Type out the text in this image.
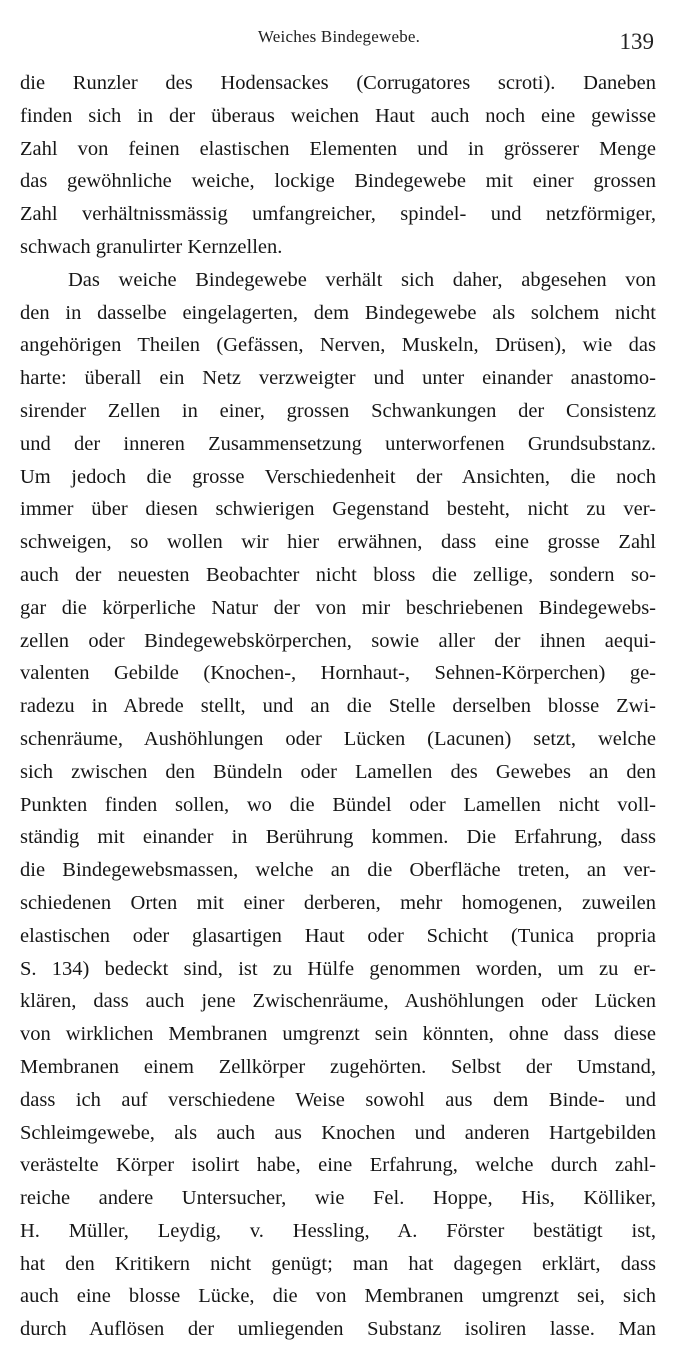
Weiches Bindegewebe.	139
die Runzler des Hodensackes (Corrugatores scroti). Daneben
finden sich in der überaus weichen Haut auch noch eine gewisse
Zahl von feinen elastischen Elementen und in grösserer Menge
das gewöhnliche weiche, lockige Bindegewebe mit einer grossen
Zahl verhältnissmässig umfangreicher, spindel- und netzförmiger,
schwach granulirter Kernzellen.
Das weiche Bindegewebe verhält sich daher, abgesehen von
den in dasselbe eingelagerten, dem Bindegewebe als solchem nicht
angehörigen Theilen (Gefässen, Nerven, Muskeln, Drüsen), wie das
harte: überall ein Netz verzweigter und unter einander anastomo-
sirender Zellen in einer, grossen Schwankungen der Consistenz
und der inneren Zusammensetzung unterworfenen Grundsubstanz.
Um jedoch die grosse Verschiedenheit der Ansichten, die noch
immer über diesen schwierigen Gegenstand besteht, nicht zu ver-
schweigen, so wollen wir hier erwähnen, dass eine grosse Zahl
auch der neuesten Beobachter nicht bloss die zellige, sondern so-
gar die körperliche Natur der von mir beschriebenen Bindegewebs-
zellen oder Bindegewebskörperchen, sowie aller der ihnen aequi-
valenten Gebilde (Knochen-, Hornhaut-, Sehnen-Körperchen) ge-
radezu in Abrede stellt, und an die Stelle derselben blosse Zwi-
schenräume, Aushöhlungen oder Lücken (Lacunen) setzt, welche
sich zwischen den Bündeln oder Lamellen des Gewebes an den
Punkten finden sollen, wo die Bündel oder Lamellen nicht voll-
ständig mit einander in Berührung kommen. Die Erfahrung, dass
die Bindegewebsmassen, welche an die Oberfläche treten, an ver-
schiedenen Orten mit einer derberen, mehr homogenen, zuweilen
elastischen oder glasartigen Haut oder Schicht (Tunica propria
S. 134) bedeckt sind, ist zu Hülfe genommen worden, um zu er-
klären, dass auch jene Zwischenräume, Aushöhlungen oder Lücken
von wirklichen Membranen umgrenzt sein könnten, ohne dass diese
Membranen einem Zellkörper zugehörten. Selbst der Umstand,
dass ich auf verschiedene Weise sowohl aus dem Binde- und
Schleimgewebe, als auch aus Knochen und anderen Hartgebilden
verästelte Körper isolirt habe, eine Erfahrung, welche durch zahl-
reiche andere Untersucher, wie Fel. Hoppe, His, Kölliker,
H. Müller, Leydig, v. Hessling, A. Förster bestätigt ist,
hat den Kritikern nicht genügt; man hat dagegen erklärt, dass
auch eine blosse Lücke, die von Membranen umgrenzt sei, sich
durch Auflösen der umliegenden Substanz isoliren lasse. Man
